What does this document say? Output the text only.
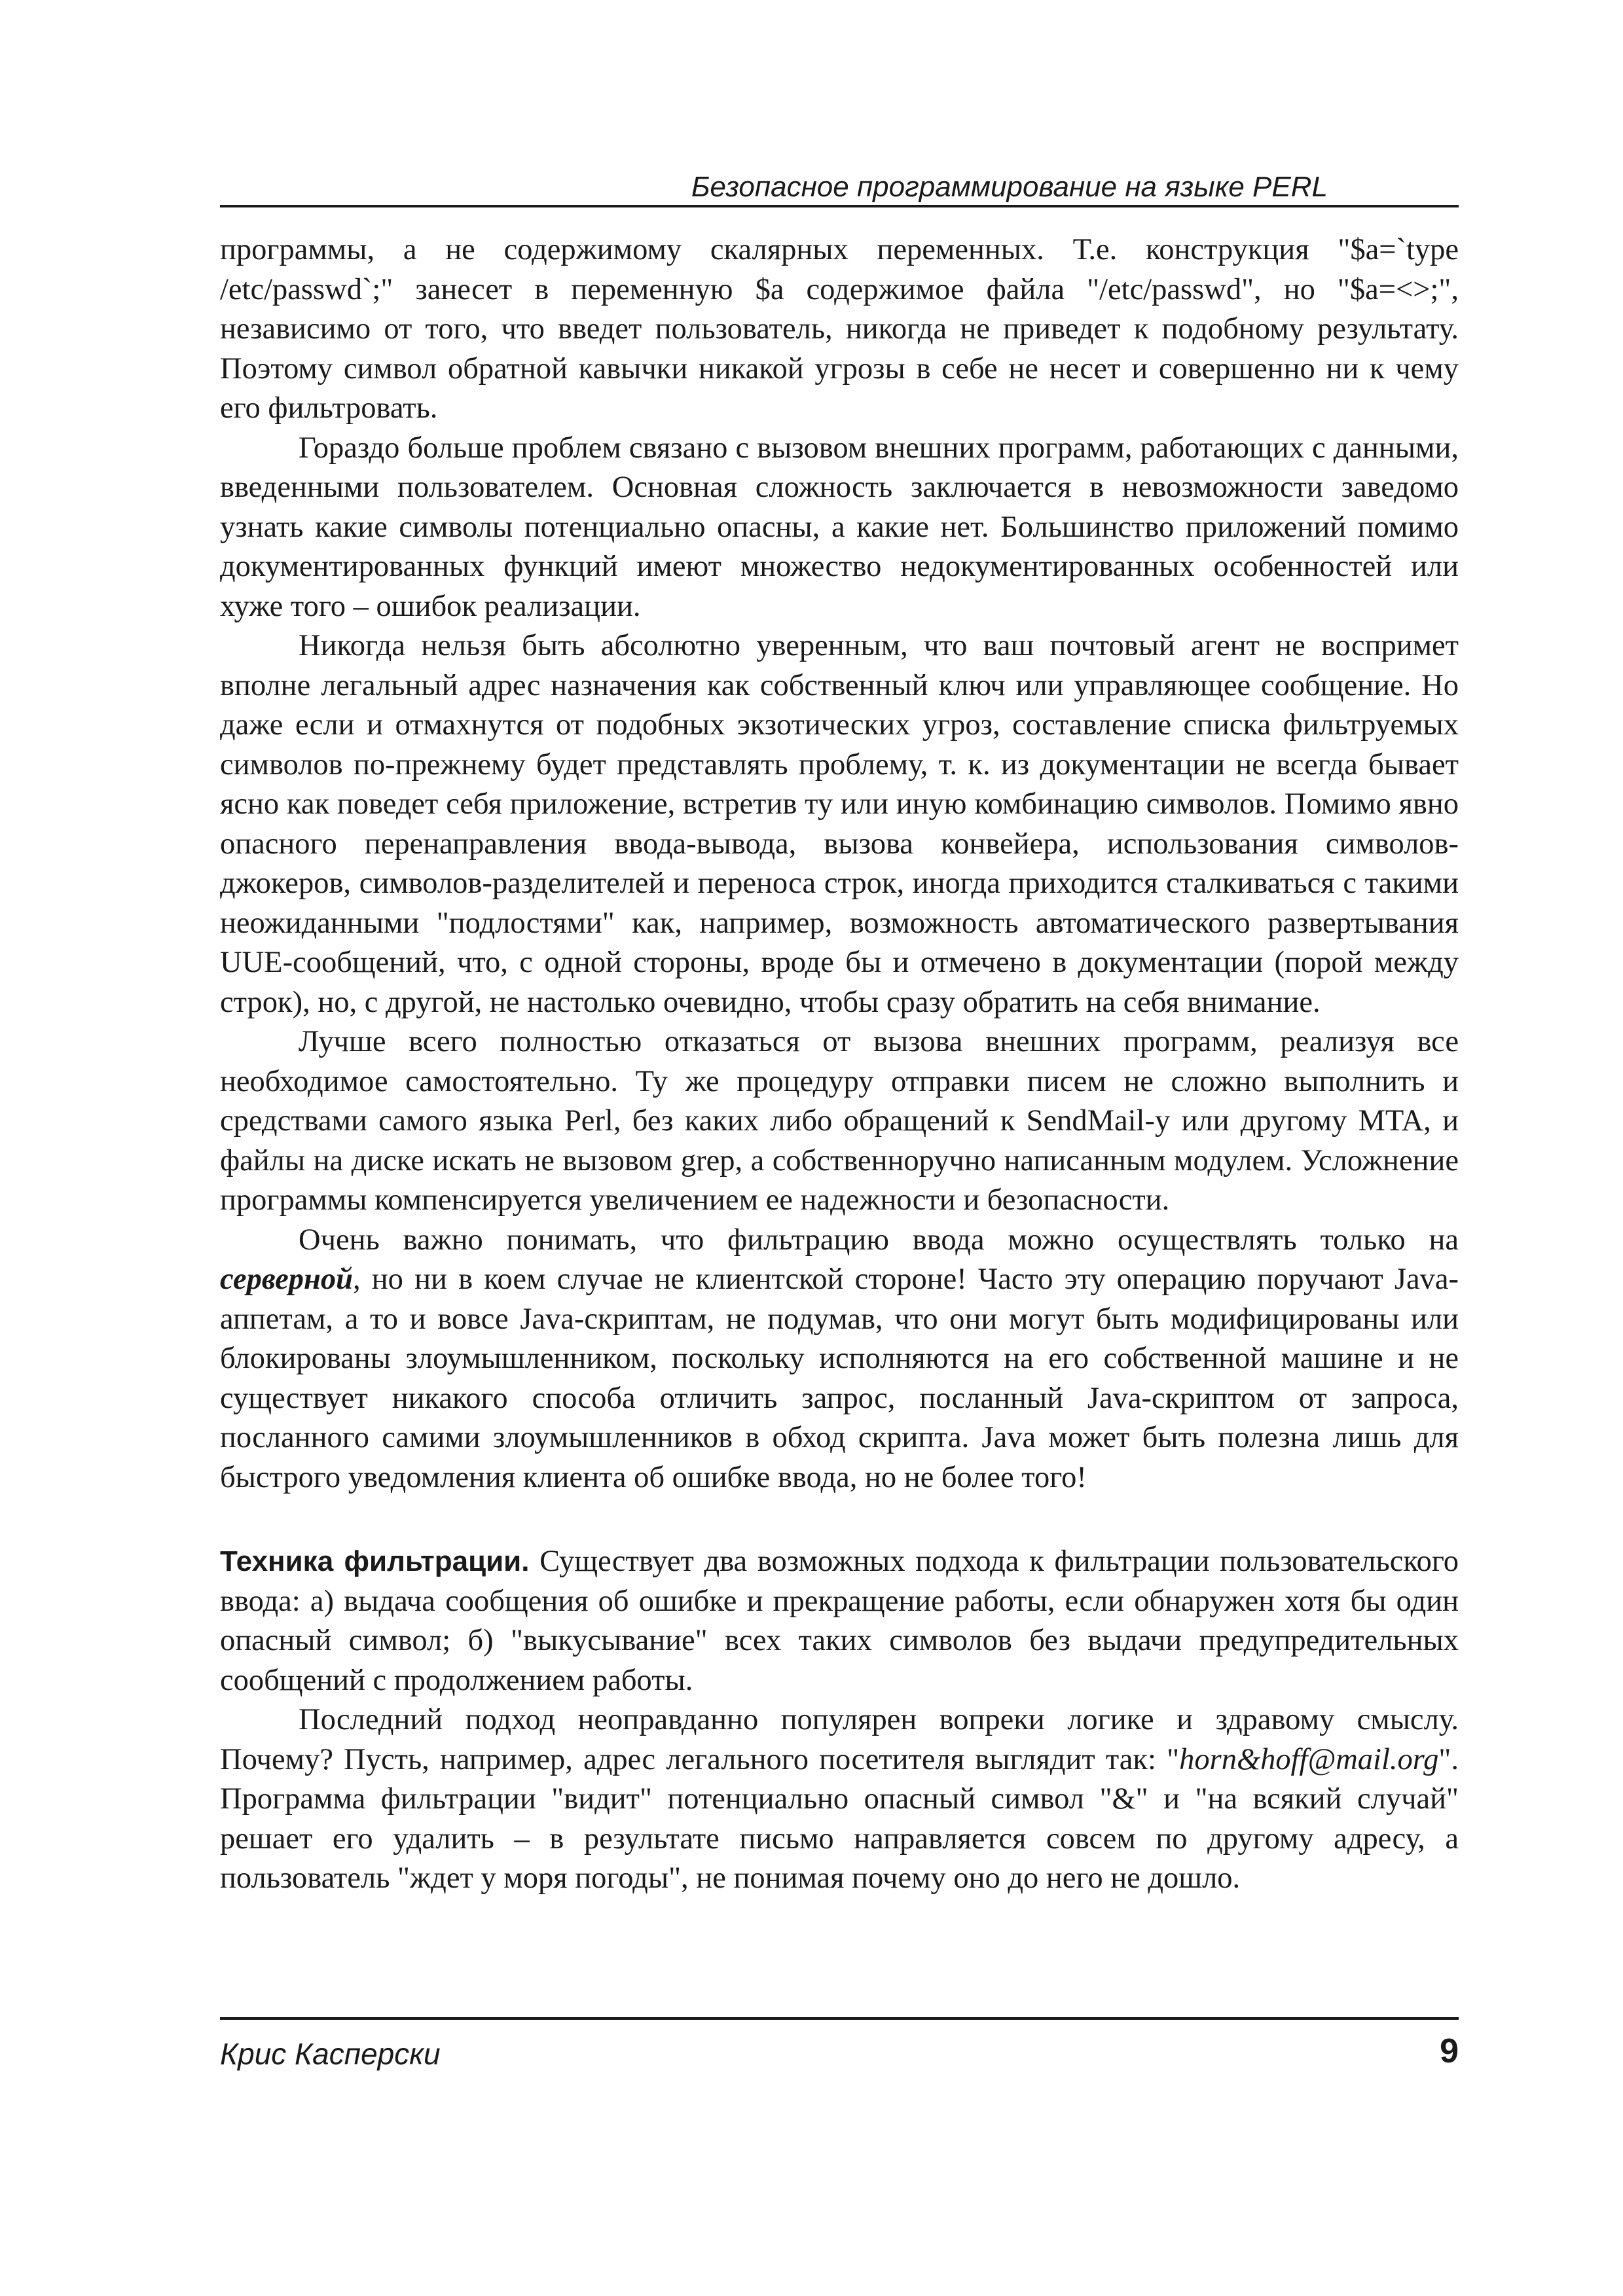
Безопасное программирование на языке PERL

программы, а не содержимому скалярных переменных. Т.е. конструкция "$a=`type /etc/passwd`;" занесет в переменную $a содержимое файла "/etc/passwd", но "$a=<>;", независимо от того, что введет пользователь, никогда не приведет к подобному результату. Поэтому символ обратной кавычки никакой угрозы в себе не несет и совершенно ни к чему его фильтровать.

Гораздо больше проблем связано с вызовом внешних программ, работающих с данными, введенными пользователем. Основная сложность заключается в невозможности заведомо узнать какие символы потенциально опасны, а какие нет. Большинство приложений помимо документированных функций имеют множество недокументированных особенностей или хуже того – ошибок реализации.

Никогда нельзя быть абсолютно уверенным, что ваш почтовый агент не воспримет вполне легальный адрес назначения как собственный ключ или управляющее сообщение. Но даже если и отмахнутся от подобных экзотических угроз, составление списка фильтруемых символов по-прежнему будет представлять проблему, т. к. из документации не всегда бывает ясно как поведет себя приложение, встретив ту или иную комбинацию символов. Помимо явно опасного перенаправления ввода-вывода, вызова конвейера, использования символов-джокеров, символов-разделителей и переноса строк, иногда приходится сталкиваться с такими неожиданными "подлостями" как, например, возможность автоматического развертывания UUE-сообщений, что, с одной стороны, вроде бы и отмечено в документации (порой между строк), но, с другой, не настолько очевидно, чтобы сразу обратить на себя внимание.

Лучше всего полностью отказаться от вызова внешних программ, реализуя все необходимое самостоятельно. Ту же процедуру отправки писем не сложно выполнить и средствами самого языка Perl, без каких либо обращений к SendMail-у или другому MTA, и файлы на диске искать не вызовом grep, а собственноручно написанным модулем. Усложнение программы компенсируется увеличением ее надежности и безопасности.

Очень важно понимать, что фильтрацию ввода можно осуществлять только на серверной, но ни в коем случае не клиентской стороне! Часто эту операцию поручают Java-аппетам, а то и вовсе Java-скриптам, не подумав, что они могут быть модифицированы или блокированы злоумышленником, поскольку исполняются на его собственной машине и не существует никакого способа отличить запрос, посланный Java-скриптом от запроса, посланного самими злоумышленников в обход скрипта. Java может быть полезна лишь для быстрого уведомления клиента об ошибке ввода, но не более того!

Техника фильтрации. Существует два возможных подхода к фильтрации пользовательского ввода: а) выдача сообщения об ошибке и прекращение работы, если обнаружен хотя бы один опасный символ; б) "выкусывание" всех таких символов без выдачи предупредительных сообщений с продолжением работы.

Последний подход неоправданно популярен вопреки логике и здравому смыслу. Почему? Пусть, например, адрес легального посетителя выглядит так: "horn&hoff@mail.org". Программа фильтрации "видит" потенциально опасный символ "&" и "на всякий случай" решает его удалить – в результате письмо направляется совсем по другому адресу, а пользователь "ждет у моря погоды", не понимая почему оно до него не дошло.

Крис Касперски	9
